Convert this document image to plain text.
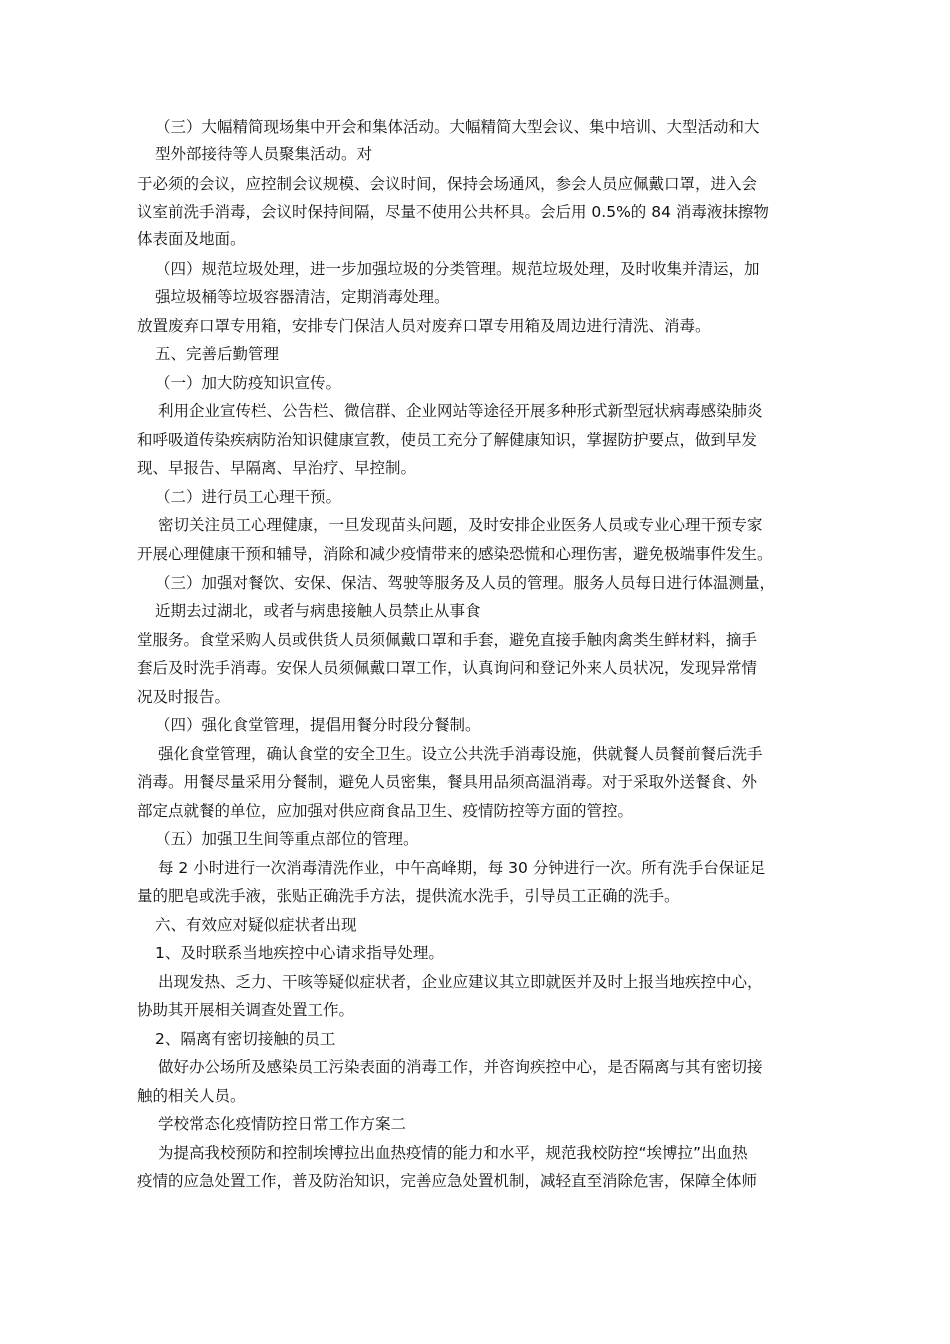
（三）大幅精简现场集中开会和集体活动。大幅精简大型会议、集中培训、大型活动和大
型外部接待等人员聚集活动。对
于必须的会议，应控制会议规模、会议时间，保持会场通风，参会人员应佩戴口罩，进入会
议室前洗手消毒，会议时保持间隔，尽量不使用公共杯具。会后用 0.5%的 84 消毒液抹擦物
体表面及地面。
（四）规范垃圾处理，进一步加强垃圾的分类管理。规范垃圾处理，及时收集并清运，加
强垃圾桶等垃圾容器清洁，定期消毒处理。
放置废弃口罩专用箱，安排专门保洁人员对废弃口罩专用箱及周边进行清洗、消毒。
五、完善后勤管理
（一）加大防疫知识宣传。
利用企业宣传栏、公告栏、微信群、企业网站等途径开展多种形式新型冠状病毒感染肺炎
和呼吸道传染疾病防治知识健康宣教，使员工充分了解健康知识，掌握防护要点，做到早发
现、早报告、早隔离、早治疗、早控制。
（二）进行员工心理干预。
密切关注员工心理健康，一旦发现苗头问题，及时安排企业医务人员或专业心理干预专家
开展心理健康干预和辅导，消除和减少疫情带来的感染恐慌和心理伤害，避免极端事件发生。
（三）加强对餐饮、安保、保洁、驾驶等服务及人员的管理。服务人员每日进行体温测量，
近期去过湖北，或者与病患接触人员禁止从事食
堂服务。食堂采购人员或供货人员须佩戴口罩和手套，避免直接手触肉禽类生鲜材料，摘手
套后及时洗手消毒。安保人员须佩戴口罩工作，认真询问和登记外来人员状况，发现异常情
况及时报告。
（四）强化食堂管理，提倡用餐分时段分餐制。
强化食堂管理，确认食堂的安全卫生。设立公共洗手消毒设施，供就餐人员餐前餐后洗手
消毒。用餐尽量采用分餐制，避免人员密集，餐具用品须高温消毒。对于采取外送餐食、外
部定点就餐的单位，应加强对供应商食品卫生、疫情防控等方面的管控。
（五）加强卫生间等重点部位的管理。
每 2 小时进行一次消毒清洗作业，中午高峰期，每 30 分钟进行一次。所有洗手台保证足
量的肥皂或洗手液，张贴正确洗手方法，提供流水洗手，引导员工正确的洗手。
六、有效应对疑似症状者出现
1、及时联系当地疾控中心请求指导处理。
出现发热、乏力、干咳等疑似症状者，企业应建议其立即就医并及时上报当地疾控中心，
协助其开展相关调查处置工作。
2、隔离有密切接触的员工
做好办公场所及感染员工污染表面的消毒工作，并咨询疾控中心，是否隔离与其有密切接
触的相关人员。
学校常态化疫情防控日常工作方案二
为提高我校预防和控制埃博拉出血热疫情的能力和水平，规范我校防控“埃博拉”出血热
疫情的应急处置工作，普及防治知识，完善应急处置机制，减轻直至消除危害，保障全体师
